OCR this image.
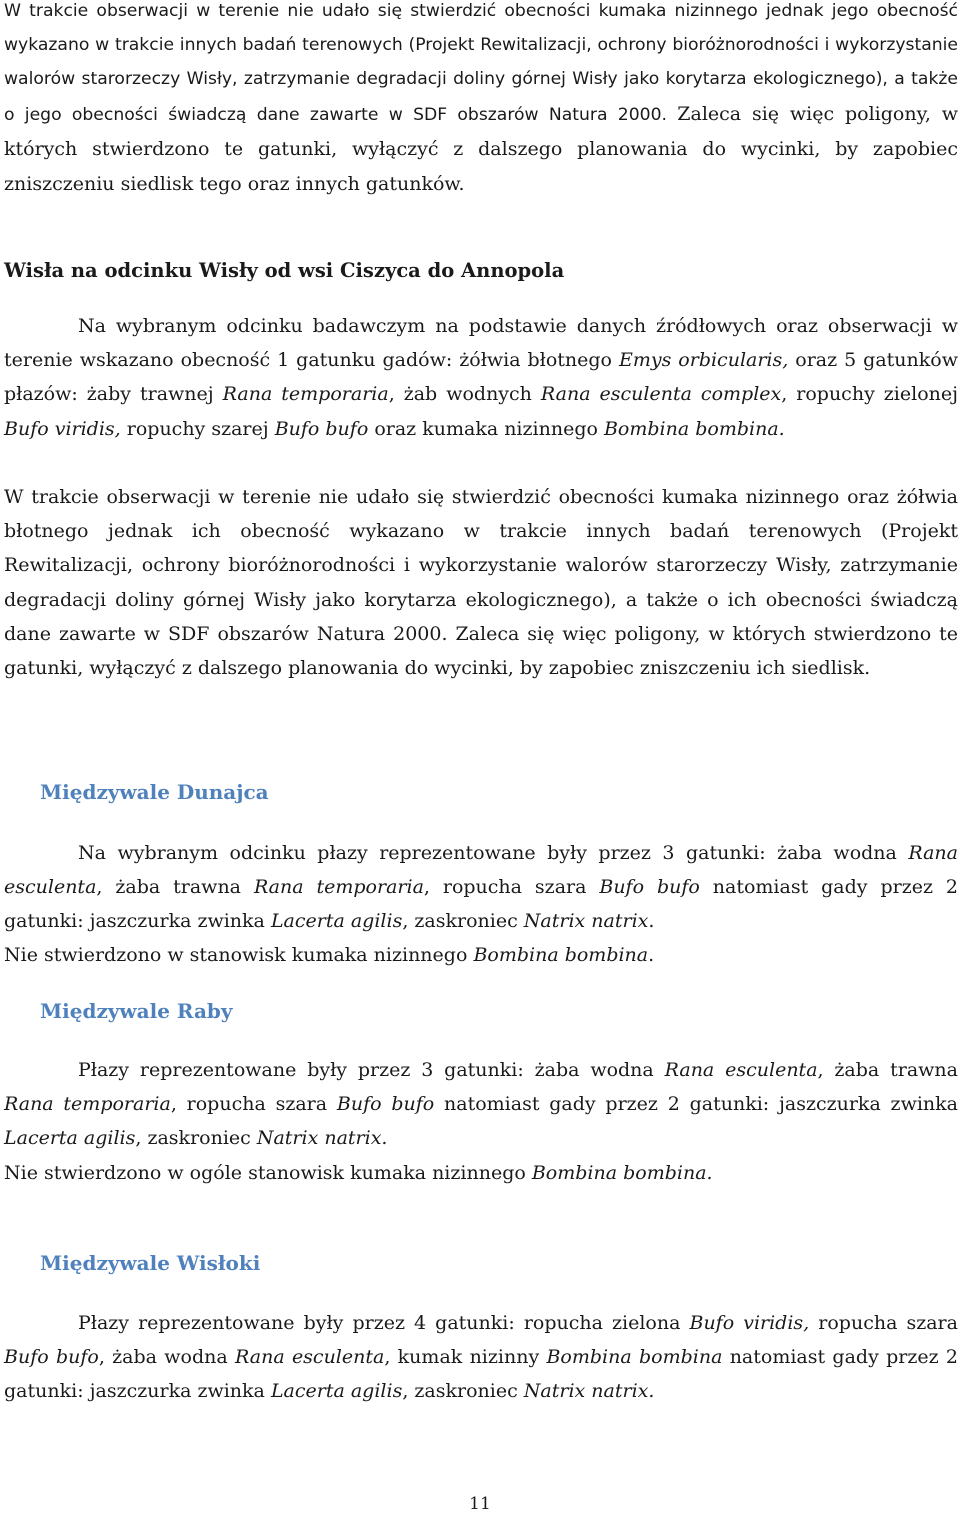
W trakcie obserwacji w terenie nie udało się stwierdzić obecności kumaka nizinnego jednak jego obecność wykazano w trakcie innych badań terenowych (Projekt Rewitalizacji, ochrony bioróżnorodności i wykorzystanie walorów starorzeczy Wisły, zatrzymanie degradacji doliny górnej Wisły jako korytarza ekologicznego), a także o jego obecności świadczą dane zawarte w SDF obszarów Natura 2000. Zaleca się więc poligony, w których stwierdzono te gatunki, wyłączyć z dalszego planowania do wycinki, by zapobiec zniszczeniu siedlisk tego oraz innych gatunków.

Wisła na odcinku Wisły od wsi Ciszyca do Annopola

Na wybranym odcinku badawczym na podstawie danych źródłowych oraz obserwacji w terenie wskazano obecność 1 gatunku gadów: żółwia błotnego Emys orbicularis, oraz 5 gatunków płazów: żaby trawnej Rana temporaria, żab wodnych Rana esculenta complex, ropuchy zielonej Bufo viridis, ropuchy szarej Bufo bufo oraz kumaka nizinnego Bombina bombina.

W trakcie obserwacji w terenie nie udało się stwierdzić obecności kumaka nizinnego oraz żółwia błotnego jednak ich obecność wykazano w trakcie innych badań terenowych (Projekt Rewitalizacji, ochrony bioróżnorodności i wykorzystanie walorów starorzeczy Wisły, zatrzymanie degradacji doliny górnej Wisły jako korytarza ekologicznego), a także o ich obecności świadczą dane zawarte w SDF obszarów Natura 2000. Zaleca się więc poligony, w których stwierdzono te gatunki, wyłączyć z dalszego planowania do wycinki, by zapobiec zniszczeniu ich siedlisk.

Międzywale Dunajca

Na wybranym odcinku płazy reprezentowane były przez 3 gatunki: żaba wodna Rana esculenta, żaba trawna Rana temporaria, ropucha szara Bufo bufo natomiast gady przez 2 gatunki: jaszczurka zwinka Lacerta agilis, zaskroniec Natrix natrix.

Nie stwierdzono w stanowisk kumaka nizinnego Bombina bombina.

Międzywale Raby

Płazy reprezentowane były przez 3 gatunki: żaba wodna Rana esculenta, żaba trawna Rana temporaria, ropucha szara Bufo bufo natomiast gady przez 2 gatunki: jaszczurka zwinka Lacerta agilis, zaskroniec Natrix natrix.

Nie stwierdzono w ogóle stanowisk kumaka nizinnego Bombina bombina.

Międzywale Wisłoki

Płazy reprezentowane były przez 4 gatunki: ropucha zielona Bufo viridis, ropucha szara Bufo bufo, żaba wodna Rana esculenta, kumak nizinny Bombina bombina natomiast gady przez 2 gatunki: jaszczurka zwinka Lacerta agilis, zaskroniec Natrix natrix.

11
